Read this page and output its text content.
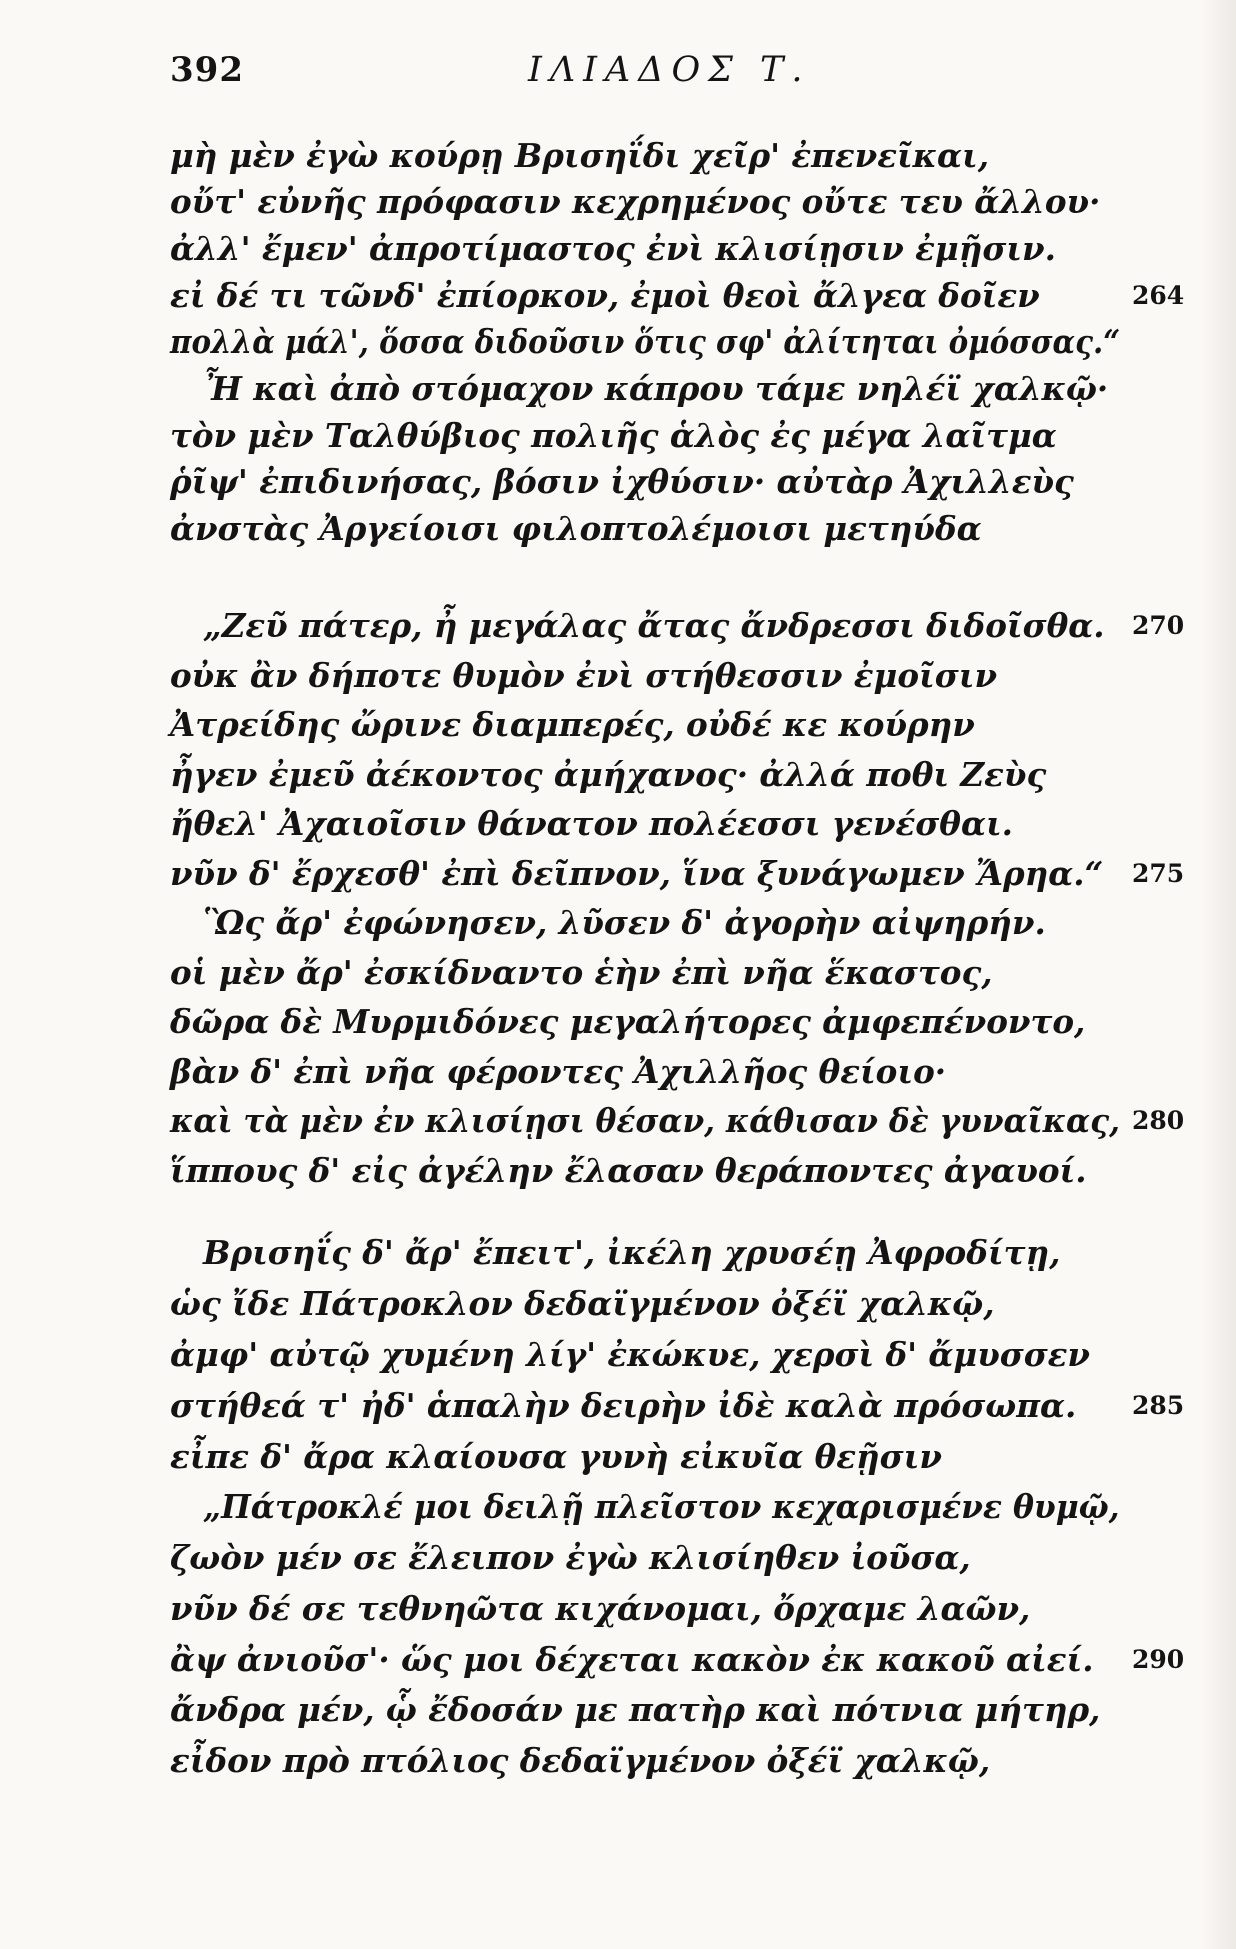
392	ΙΛΙΑΔΟΣ Τ.
μὴ μὲν ἐγὼ κούρῃ Βρισηΐδι χεῖρ' ἐπενεῖκαι,
οὔτ' εὐνῆς πρόφασιν κεχρημένος οὔτε τευ ἄλλου·
ἀλλ' ἔμεν' ἀπροτίμαστος ἐνὶ κλισίῃσιν ἐμῇσιν.
εἰ δέ τι τῶνδ' ἐπίορκον, ἐμοὶ θεοὶ ἄλγεα δοῖεν
πολλὰ μάλ', ὅσσα διδοῦσιν ὅτις σφ' ἀλίτηται ὀμόσσας.“
Ἦ καὶ ἀπὸ στόμαχον κάπρου τάμε νηλέϊ χαλκῷ·
τὸν μὲν Ταλθύβιος πολιῆς ἁλὸς ἐς μέγα λαῖτμα
ῥῖψ' ἐπιδινήσας, βόσιν ἰχθύσιν· αὐτὰρ Ἀχιλλεὺς
ἀνστὰς Ἀργείοισι φιλοπτολέμοισι μετηύδα
„Ζεῦ πάτερ, ἦ μεγάλας ἄτας ἄνδρεσσι διδοῖσθα.
οὐκ ἂν δήποτε θυμὸν ἐνὶ στήθεσσιν ἐμοῖσιν
Ἀτρείδης ὤρινε διαμπερές, οὐδέ κε κούρην
ἦγεν ἐμεῦ ἀέκοντος ἀμήχανος· ἀλλά ποθι Ζεὺς
ἤθελ' Ἀχαιοῖσιν θάνατον πολέεσσι γενέσθαι.
νῦν δ' ἔρχεσθ' ἐπὶ δεῖπνον, ἵνα ξυνάγωμεν Ἄρηα.“
Ὣς ἄρ' ἐφώνησεν, λῦσεν δ' ἀγορὴν αἰψηρήν.
οἱ μὲν ἄρ' ἐσκίδναντο ἑὴν ἐπὶ νῆα ἕκαστος,
δῶρα δὲ Μυρμιδόνες μεγαλήτορες ἀμφεπένοντο,
βὰν δ' ἐπὶ νῆα φέροντες Ἀχιλλῆος θείοιο·
καὶ τὰ μὲν ἐν κλισίῃσι θέσαν, κάθισαν δὲ γυναῖκας,
ἵππους δ' εἰς ἀγέλην ἔλασαν θεράποντες ἀγαυοί.
Βρισηΐς δ' ἄρ' ἔπειτ', ἰκέλη χρυσέῃ Ἀφροδίτῃ,
ὡς ἴδε Πάτροκλον δεδαϊγμένον ὀξέϊ χαλκῷ,
ἀμφ' αὐτῷ χυμένη λίγ' ἐκώκυε, χερσὶ δ' ἄμυσσεν
στήθεά τ' ἠδ' ἁπαλὴν δειρὴν ἰδὲ καλὰ πρόσωπα.
εἶπε δ' ἄρα κλαίουσα γυνὴ εἰκυῖα θεῇσιν
„Πάτροκλέ μοι δειλῇ πλεῖστον κεχαρισμένε θυμῷ,
ζωὸν μέν σε ἔλειπον ἐγὼ κλισίηθεν ἰοῦσα,
νῦν δέ σε τεθνηῶτα κιχάνομαι, ὄρχαμε λαῶν,
ἂψ ἀνιοῦσ'· ὥς μοι δέχεται κακὸν ἐκ κακοῦ αἰεί.
ἄνδρα μέν, ᾧ ἔδοσάν με πατὴρ καὶ πότνια μήτηρ,
εἶδον πρὸ πτόλιος δεδαϊγμένον ὀξέϊ χαλκῷ,
264
270
275
280
285
290
